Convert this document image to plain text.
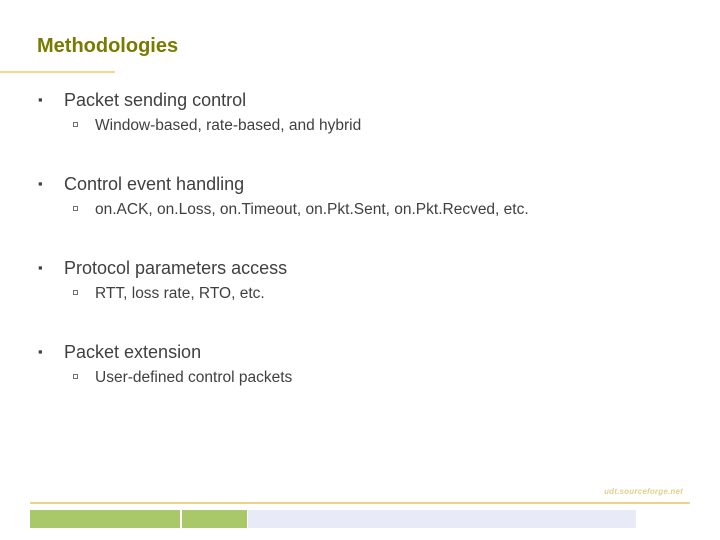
Methodologies
▪ Packet sending control
Window-based, rate-based, and hybrid
▪ Control event handling
on.ACK, on.Loss, on.Timeout, on.Pkt.Sent, on.Pkt.Recved, etc.
▪ Protocol parameters access
RTT, loss rate, RTO, etc.
▪ Packet extension
User-defined control packets
udt.sourceforge.net
